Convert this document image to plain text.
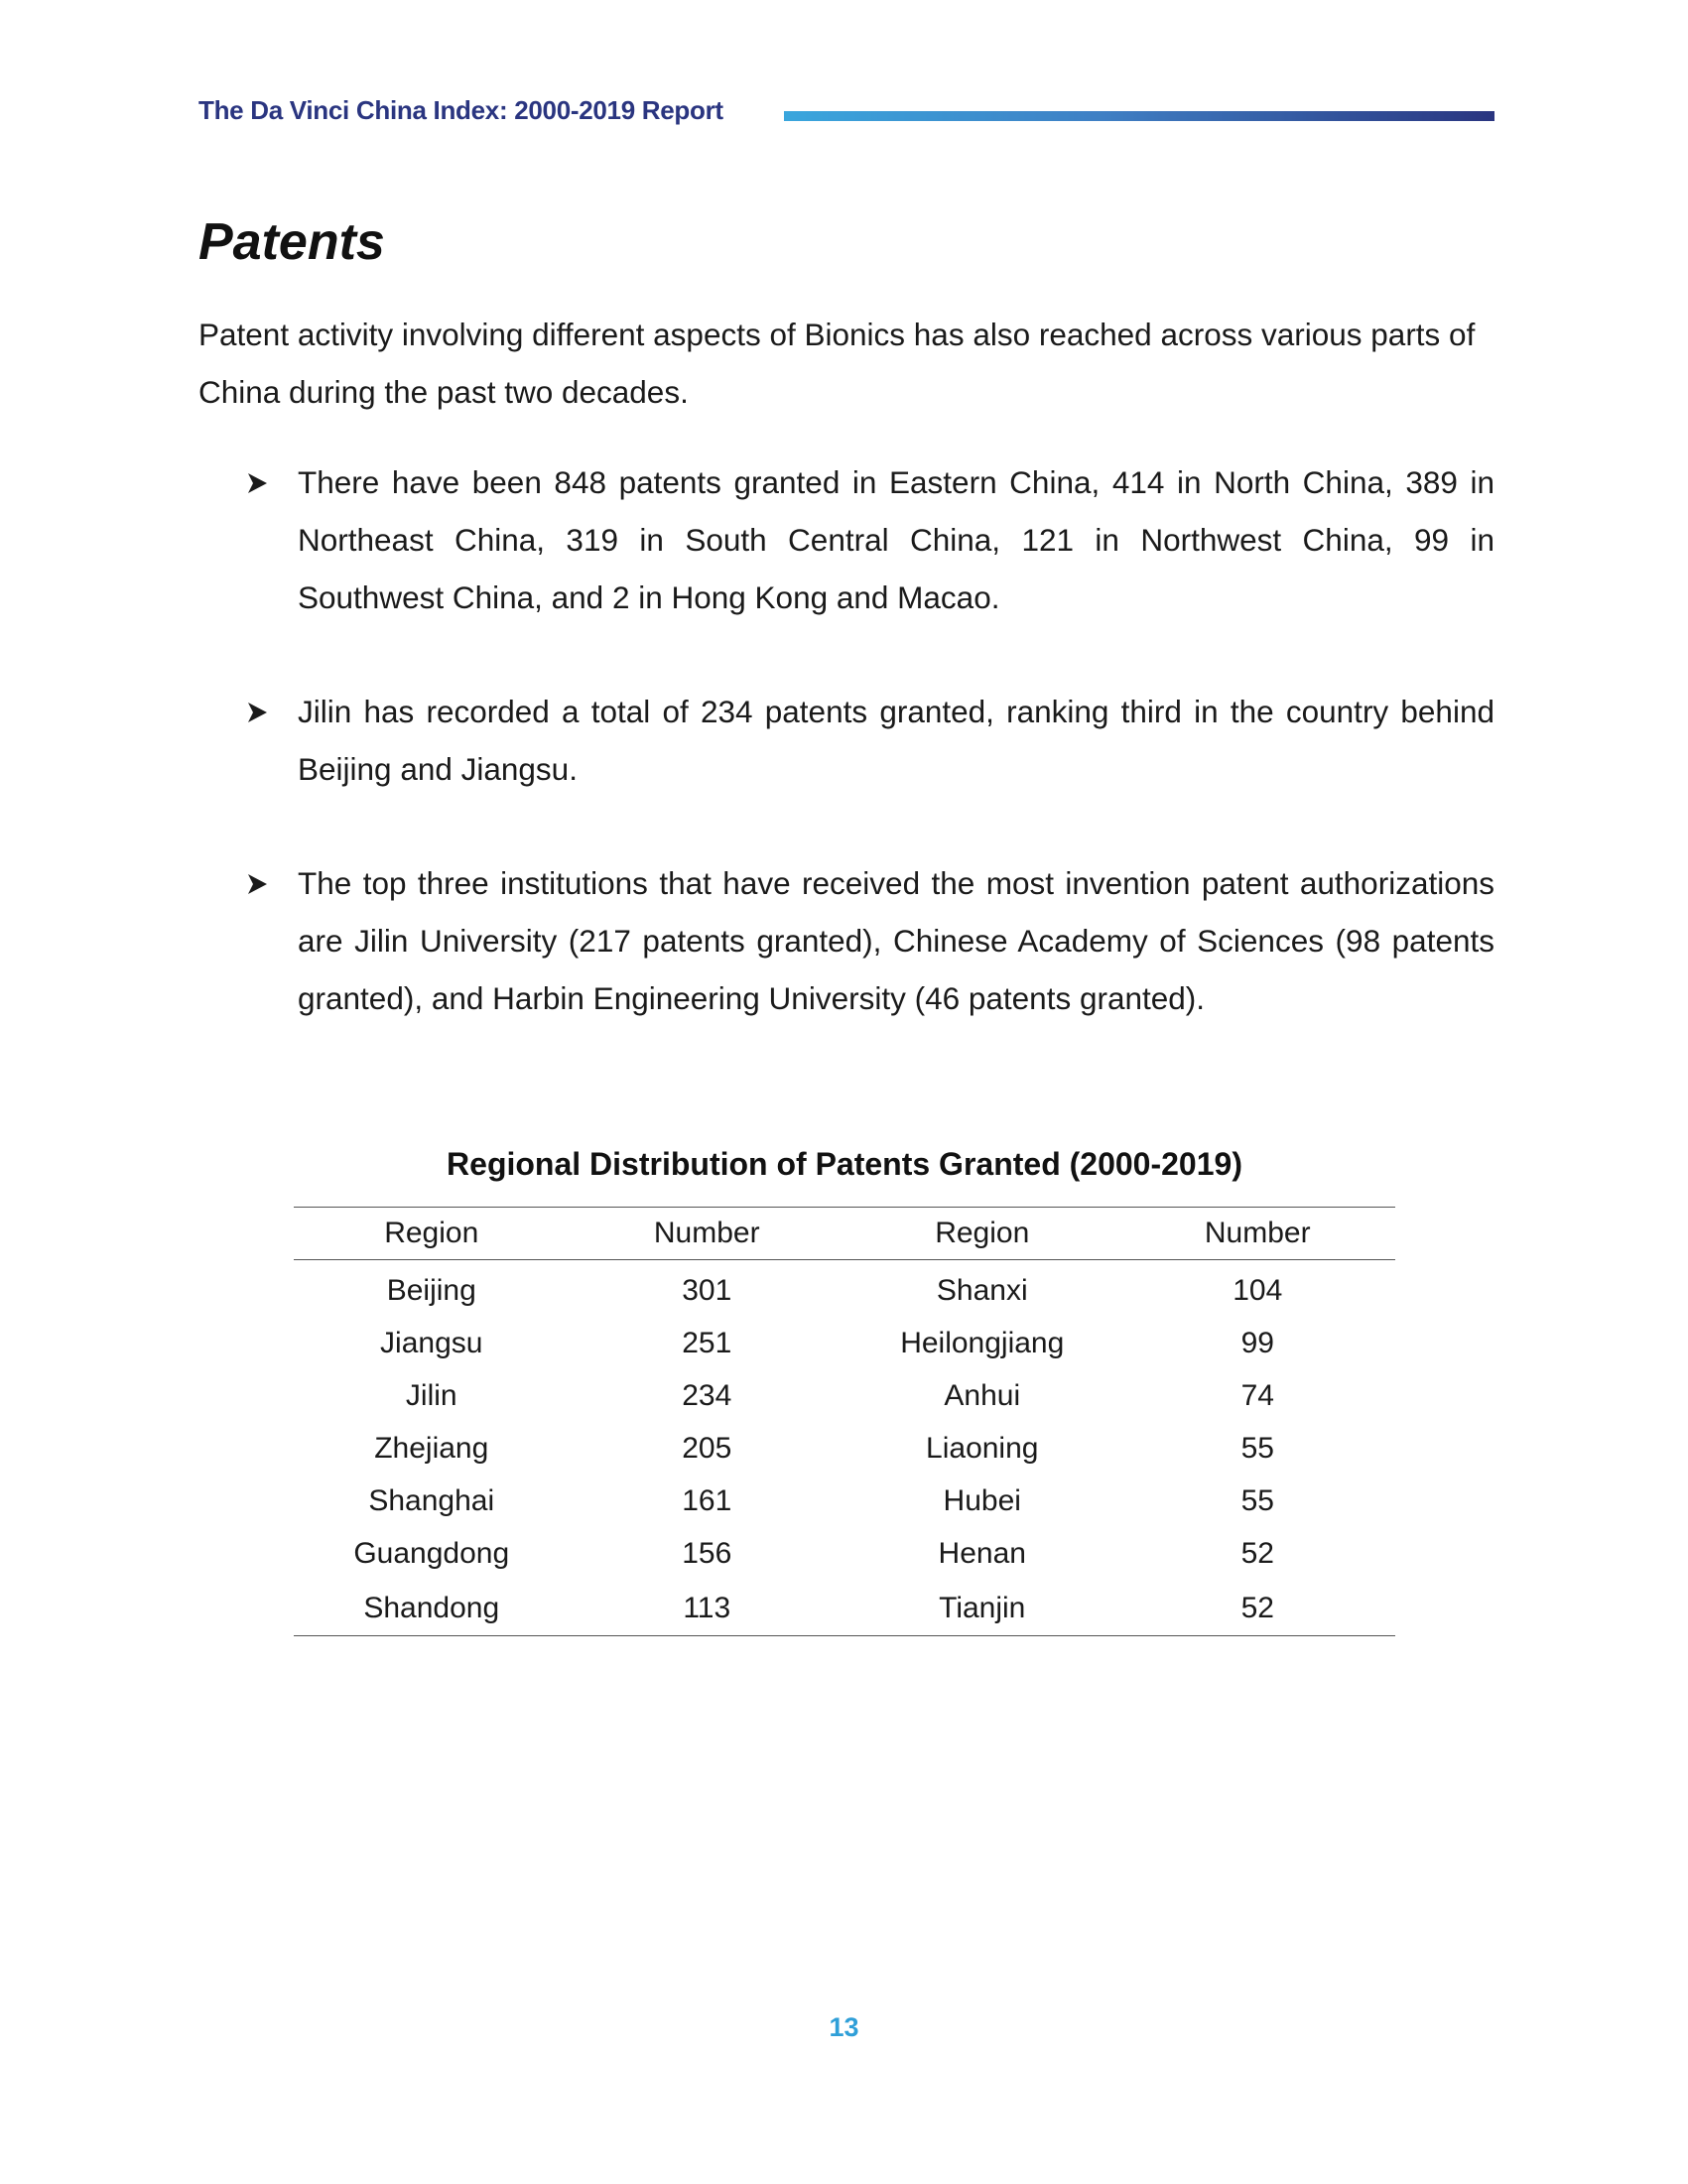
The Da Vinci China Index: 2000-2019 Report
Patents

Patent activity involving different aspects of Bionics has also reached across various parts of China during the past two decades.

There have been 848 patents granted in Eastern China, 414 in North China, 389 in Northeast China, 319 in South Central China, 121 in Northwest China, 99 in Southwest China, and 2 in Hong Kong and Macao.
Jilin has recorded a total of 234 patents granted, ranking third in the country behind Beijing and Jiangsu.
The top three institutions that have received the most invention patent authorizations are Jilin University (217 patents granted), Chinese Academy of Sciences (98 patents granted), and Harbin Engineering University (46 patents granted).
Regional Distribution of Patents Granted (2000-2019)
Region	Number	Region	Number
Beijing	301	Shanxi	104
Jiangsu	251	Heilongjiang	99
Jilin	234	Anhui	74
Zhejiang	205	Liaoning	55
Shanghai	161	Hubei	55
Guangdong	156	Henan	52
Shandong	113	Tianjin	52
13
